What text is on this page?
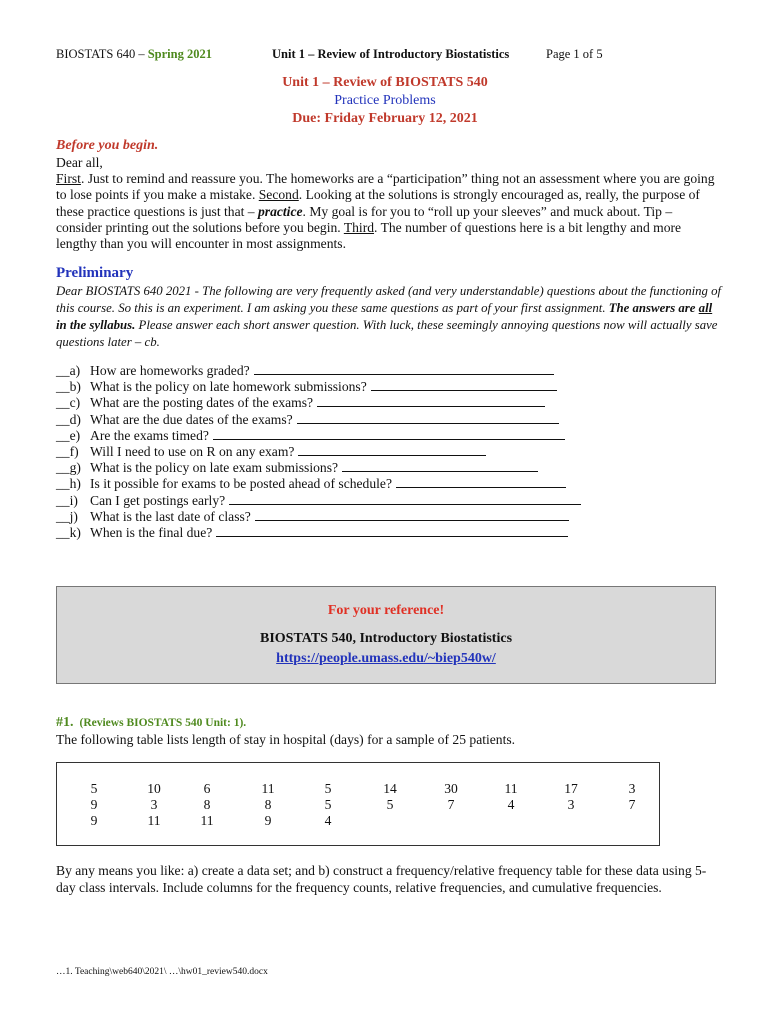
BIOSTATS 640 – Spring 2021	Unit 1 – Review of Introductory Biostatistics	Page 1 of 5
Unit 1 – Review of BIOSTATS 540
Practice Problems
Due: Friday February 12, 2021
Before you begin.
Dear all,
First. Just to remind and reassure you. The homeworks are a “participation” thing not an assessment where you are going to lose points if you make a mistake. Second. Looking at the solutions is strongly encouraged as, really, the purpose of these practice questions is just that – practice. My goal is for you to “roll up your sleeves” and muck about. Tip – consider printing out the solutions before you begin. Third. The number of questions here is a bit lengthy and more lengthy than you will encounter in most assignments.
Preliminary
Dear BIOSTATS 640 2021 - The following are very frequently asked (and very understandable) questions about the functioning of this course. So this is an experiment. I am asking you these same questions as part of your first assignment. The answers are all in the syllabus. Please answer each short answer question. With luck, these seemingly annoying questions now will actually save questions later – cb.
__a) How are homeworks graded?
__b) What is the policy on late homework submissions?
__c) What are the posting dates of the exams?
__d) What are the due dates of the exams?
__e) Are the exams timed?
__f) Will I need to use on R on any exam?
__g) What is the policy on late exam submissions?
__h) Is it possible for exams to be posted ahead of schedule?
__i) Can I get postings early?
__j) What is the last date of class?
__k) When is the final due?
For your reference!
BIOSTATS 540, Introductory Biostatistics
https://people.umass.edu/~biep540w/
#1. (Reviews BIOSTATS 540 Unit: 1).
The following table lists length of stay in hospital (days) for a sample of 25 patients.
5	10	6	11	5	14	30	11	17	3
9	3	8	8	5	5	7	4	3	7
9	11	11	9	4
By any means you like: a) create a data set; and b) construct a frequency/relative frequency table for these data using 5-day class intervals. Include columns for the frequency counts, relative frequencies, and cumulative frequencies.
…1. Teaching\web640\2021\ …\hw01_review540.docx
